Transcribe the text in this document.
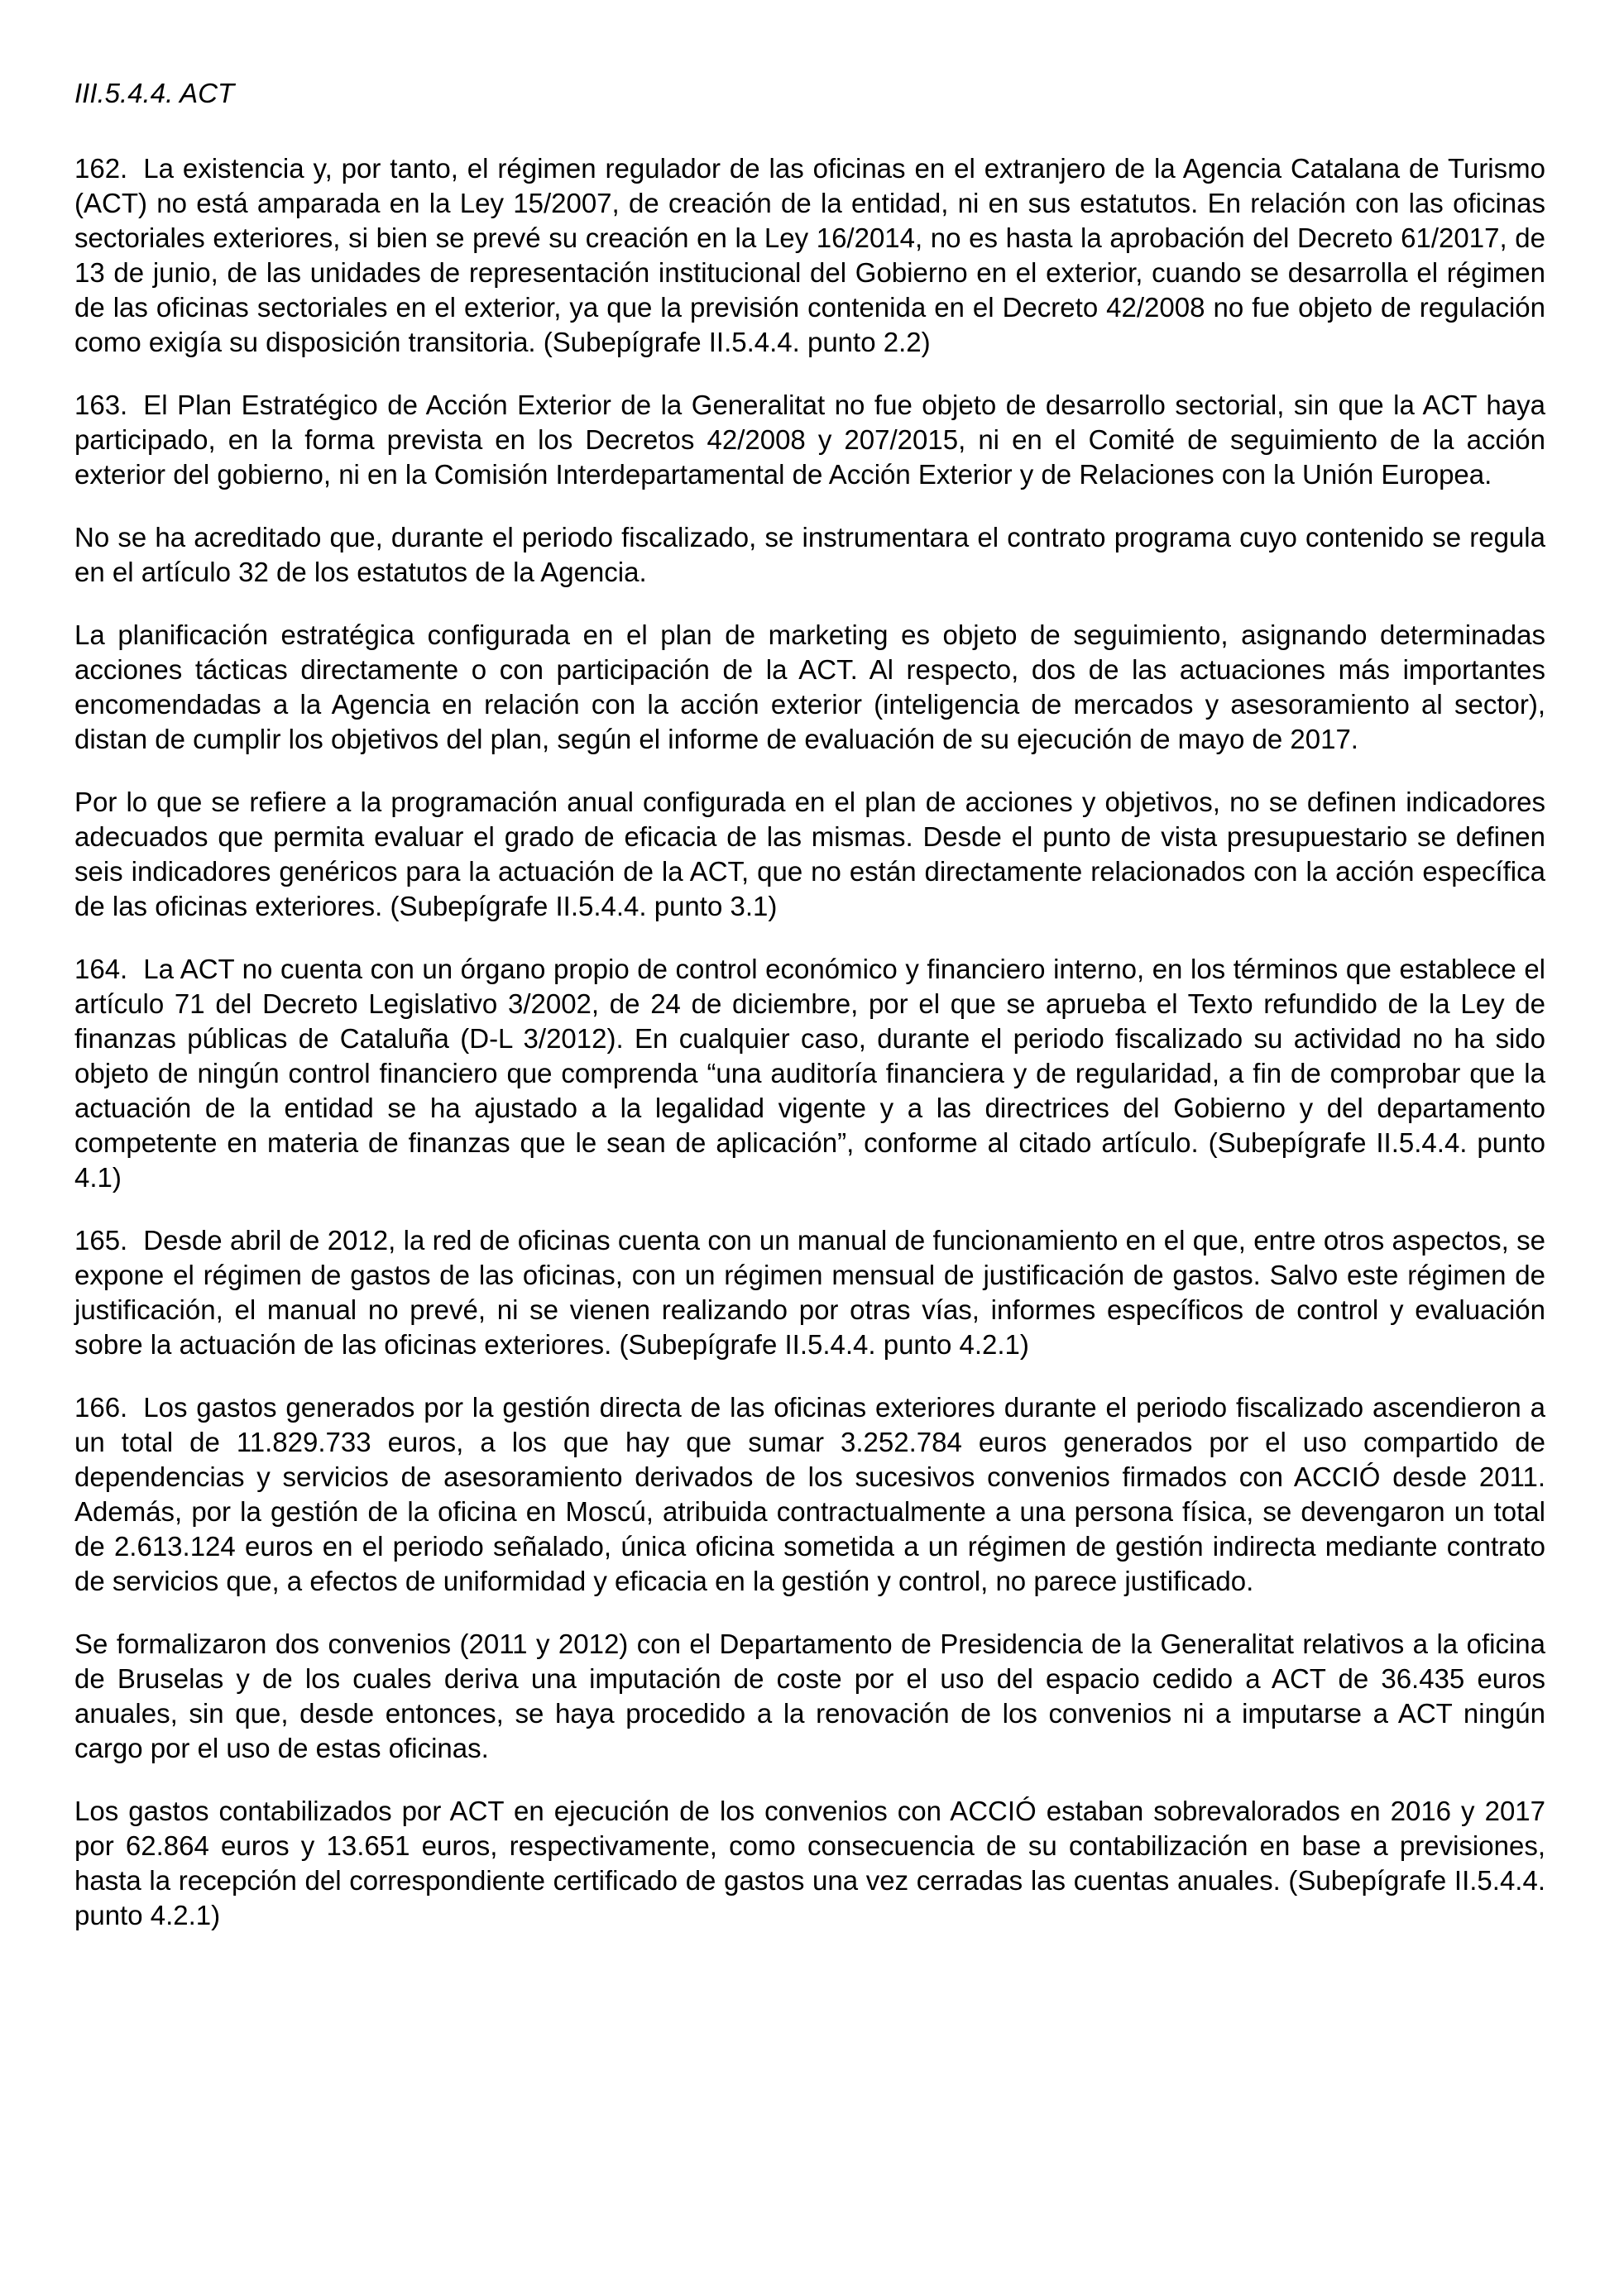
III.5.4.4. ACT

162. La existencia y, por tanto, el régimen regulador de las oficinas en el extranjero de la Agencia Catalana de Turismo (ACT) no está amparada en la Ley 15/2007, de creación de la entidad, ni en sus estatutos. En relación con las oficinas sectoriales exteriores, si bien se prevé su creación en la Ley 16/2014, no es hasta la aprobación del Decreto 61/2017, de 13 de junio, de las unidades de representación institucional del Gobierno en el exterior, cuando se desarrolla el régimen de las oficinas sectoriales en el exterior, ya que la previsión contenida en el Decreto 42/2008 no fue objeto de regulación como exigía su disposición transitoria. (Subepígrafe II.5.4.4. punto 2.2)

163. El Plan Estratégico de Acción Exterior de la Generalitat no fue objeto de desarrollo sectorial, sin que la ACT haya participado, en la forma prevista en los Decretos 42/2008 y 207/2015, ni en el Comité de seguimiento de la acción exterior del gobierno, ni en la Comisión Interdepartamental de Acción Exterior y de Relaciones con la Unión Europea.

No se ha acreditado que, durante el periodo fiscalizado, se instrumentara el contrato programa cuyo contenido se regula en el artículo 32 de los estatutos de la Agencia.

La planificación estratégica configurada en el plan de marketing es objeto de seguimiento, asignando determinadas acciones tácticas directamente o con participación de la ACT. Al respecto, dos de las actuaciones más importantes encomendadas a la Agencia en relación con la acción exterior (inteligencia de mercados y asesoramiento al sector), distan de cumplir los objetivos del plan, según el informe de evaluación de su ejecución de mayo de 2017.

Por lo que se refiere a la programación anual configurada en el plan de acciones y objetivos, no se definen indicadores adecuados que permita evaluar el grado de eficacia de las mismas. Desde el punto de vista presupuestario se definen seis indicadores genéricos para la actuación de la ACT, que no están directamente relacionados con la acción específica de las oficinas exteriores. (Subepígrafe II.5.4.4. punto 3.1)

164. La ACT no cuenta con un órgano propio de control económico y financiero interno, en los términos que establece el artículo 71 del Decreto Legislativo 3/2002, de 24 de diciembre, por el que se aprueba el Texto refundido de la Ley de finanzas públicas de Cataluña (D-L 3/2012). En cualquier caso, durante el periodo fiscalizado su actividad no ha sido objeto de ningún control financiero que comprenda “una auditoría financiera y de regularidad, a fin de comprobar que la actuación de la entidad se ha ajustado a la legalidad vigente y a las directrices del Gobierno y del departamento competente en materia de finanzas que le sean de aplicación”, conforme al citado artículo. (Subepígrafe II.5.4.4. punto 4.1)

165. Desde abril de 2012, la red de oficinas cuenta con un manual de funcionamiento en el que, entre otros aspectos, se expone el régimen de gastos de las oficinas, con un régimen mensual de justificación de gastos. Salvo este régimen de justificación, el manual no prevé, ni se vienen realizando por otras vías, informes específicos de control y evaluación sobre la actuación de las oficinas exteriores. (Subepígrafe II.5.4.4. punto 4.2.1)

166. Los gastos generados por la gestión directa de las oficinas exteriores durante el periodo fiscalizado ascendieron a un total de 11.829.733 euros, a los que hay que sumar 3.252.784 euros generados por el uso compartido de dependencias y servicios de asesoramiento derivados de los sucesivos convenios firmados con ACCIÓ desde 2011. Además, por la gestión de la oficina en Moscú, atribuida contractualmente a una persona física, se devengaron un total de 2.613.124 euros en el periodo señalado, única oficina sometida a un régimen de gestión indirecta mediante contrato de servicios que, a efectos de uniformidad y eficacia en la gestión y control, no parece justificado.

Se formalizaron dos convenios (2011 y 2012) con el Departamento de Presidencia de la Generalitat relativos a la oficina de Bruselas y de los cuales deriva una imputación de coste por el uso del espacio cedido a ACT de 36.435 euros anuales, sin que, desde entonces, se haya procedido a la renovación de los convenios ni a imputarse a ACT ningún cargo por el uso de estas oficinas.

Los gastos contabilizados por ACT en ejecución de los convenios con ACCIÓ estaban sobrevalorados en 2016 y 2017 por 62.864 euros y 13.651 euros, respectivamente, como consecuencia de su contabilización en base a previsiones, hasta la recepción del correspondiente certificado de gastos una vez cerradas las cuentas anuales. (Subepígrafe II.5.4.4. punto 4.2.1)
